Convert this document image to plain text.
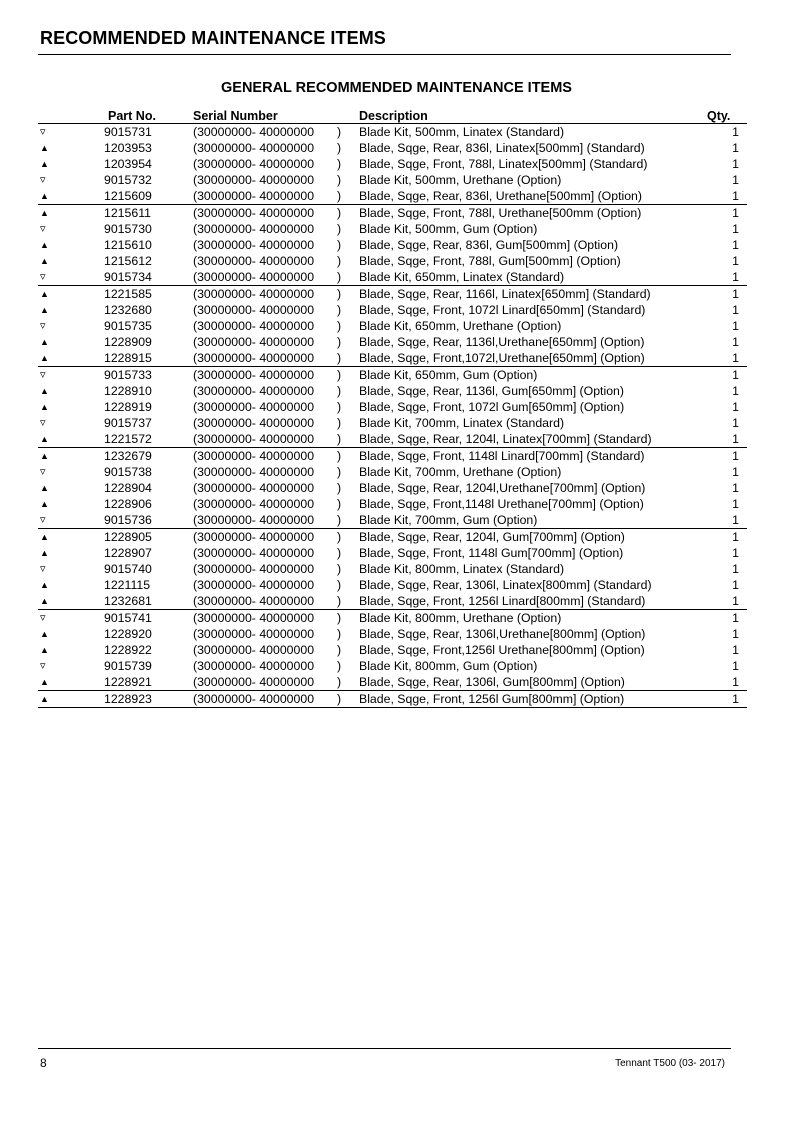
RECOMMENDED MAINTENANCE ITEMS
GENERAL RECOMMENDED MAINTENANCE ITEMS
	Part No.	Serial Number		Description	Qty.
▿	9015731	(30000000- 40000000	)	Blade Kit, 500mm, Linatex (Standard)	1
▲	1203953	(30000000- 40000000	)	Blade, Sqge, Rear, 836l, Linatex[500mm] (Standard)	1
▲	1203954	(30000000- 40000000	)	Blade, Sqge, Front, 788l, Linatex[500mm] (Standard)	1
▿	9015732	(30000000- 40000000	)	Blade Kit, 500mm, Urethane (Option)	1
▲	1215609	(30000000- 40000000	)	Blade, Sqge, Rear, 836l, Urethane[500mm] (Option)	1
▲	1215611	(30000000- 40000000	)	Blade, Sqge, Front, 788l, Urethane[500mm (Option)	1
▿	9015730	(30000000- 40000000	)	Blade Kit, 500mm, Gum (Option)	1
▲	1215610	(30000000- 40000000	)	Blade, Sqge, Rear, 836l, Gum[500mm] (Option)	1
▲	1215612	(30000000- 40000000	)	Blade, Sqge, Front, 788l, Gum[500mm] (Option)	1
▿	9015734	(30000000- 40000000	)	Blade Kit, 650mm, Linatex (Standard)	1
▲	1221585	(30000000- 40000000	)	Blade, Sqge, Rear, 1166l, Linatex[650mm] (Standard)	1
▲	1232680	(30000000- 40000000	)	Blade, Sqge, Front, 1072l Linard[650mm] (Standard)	1
▿	9015735	(30000000- 40000000	)	Blade Kit, 650mm, Urethane (Option)	1
▲	1228909	(30000000- 40000000	)	Blade, Sqge, Rear, 1136l,Urethane[650mm] (Option)	1
▲	1228915	(30000000- 40000000	)	Blade, Sqge, Front,1072l,Urethane[650mm] (Option)	1
▿	9015733	(30000000- 40000000	)	Blade Kit, 650mm, Gum (Option)	1
▲	1228910	(30000000- 40000000	)	Blade, Sqge, Rear, 1136l, Gum[650mm] (Option)	1
▲	1228919	(30000000- 40000000	)	Blade, Sqge, Front, 1072l Gum[650mm] (Option)	1
▿	9015737	(30000000- 40000000	)	Blade Kit, 700mm, Linatex (Standard)	1
▲	1221572	(30000000- 40000000	)	Blade, Sqge, Rear, 1204l, Linatex[700mm] (Standard)	1
▲	1232679	(30000000- 40000000	)	Blade, Sqge, Front, 1148l Linard[700mm] (Standard)	1
▿	9015738	(30000000- 40000000	)	Blade Kit, 700mm, Urethane (Option)	1
▲	1228904	(30000000- 40000000	)	Blade, Sqge, Rear, 1204l,Urethane[700mm] (Option)	1
▲	1228906	(30000000- 40000000	)	Blade, Sqge, Front,1148l Urethane[700mm] (Option)	1
▿	9015736	(30000000- 40000000	)	Blade Kit, 700mm, Gum (Option)	1
▲	1228905	(30000000- 40000000	)	Blade, Sqge, Rear, 1204l, Gum[700mm] (Option)	1
▲	1228907	(30000000- 40000000	)	Blade, Sqge, Front, 1148l Gum[700mm] (Option)	1
▿	9015740	(30000000- 40000000	)	Blade Kit, 800mm, Linatex (Standard)	1
▲	1221115	(30000000- 40000000	)	Blade, Sqge, Rear, 1306l, Linatex[800mm] (Standard)	1
▲	1232681	(30000000- 40000000	)	Blade, Sqge, Front, 1256l Linard[800mm] (Standard)	1
▿	9015741	(30000000- 40000000	)	Blade Kit, 800mm, Urethane (Option)	1
▲	1228920	(30000000- 40000000	)	Blade, Sqge, Rear, 1306l,Urethane[800mm] (Option)	1
▲	1228922	(30000000- 40000000	)	Blade, Sqge, Front,1256l Urethane[800mm] (Option)	1
▿	9015739	(30000000- 40000000	)	Blade Kit, 800mm, Gum (Option)	1
▲	1228921	(30000000- 40000000	)	Blade, Sqge, Rear, 1306l, Gum[800mm] (Option)	1
▲	1228923	(30000000- 40000000	)	Blade, Sqge, Front, 1256l Gum[800mm] (Option)	1
8	Tennant T500 (03- 2017)
